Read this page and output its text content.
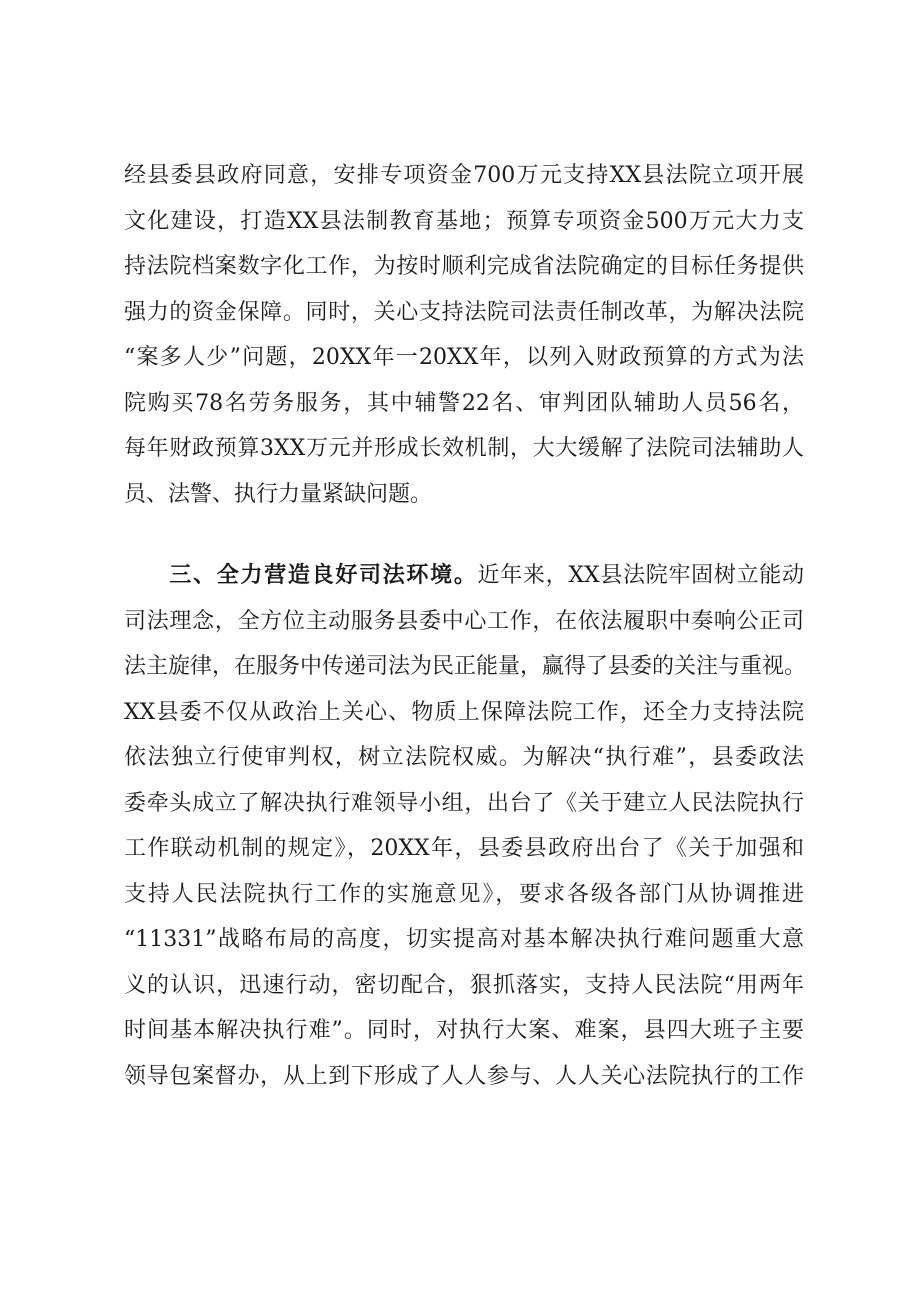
经县委县政府同意，安排专项资金700万元支持XX县法院立项开展
文化建设，打造XX县法制教育基地；预算专项资金500万元大力支
持法院档案数字化工作，为按时顺利完成省法院确定的目标任务提供
强力的资金保障。同时，关心支持法院司法责任制改革，为解决法院
“案多人少”问题，20XX年一20XX年，以列入财政预算的方式为法
院购买78名劳务服务，其中辅警22名、审判团队辅助人员56名，
每年财政预算3XX万元并形成长效机制，大大缓解了法院司法辅助人
员、法警、执行力量紧缺问题。
　　三、全力营造良好司法环境。近年来，XX县法院牢固树立能动
司法理念，全方位主动服务县委中心工作，在依法履职中奏响公正司
法主旋律，在服务中传递司法为民正能量，赢得了县委的关注与重视。
XX县委不仅从政治上关心、物质上保障法院工作，还全力支持法院
依法独立行使审判权，树立法院权威。为解决“执行难”，县委政法
委牵头成立了解决执行难领导小组，出台了《关于建立人民法院执行
工作联动机制的规定》，20XX年，县委县政府出台了《关于加强和
支持人民法院执行工作的实施意见》，要求各级各部门从协调推进
“11331”战略布局的高度，切实提高对基本解决执行难问题重大意
义的认识，迅速行动，密切配合，狠抓落实，支持人民法院“用两年
时间基本解决执行难”。同时，对执行大案、难案，县四大班子主要
领导包案督办，从上到下形成了人人参与、人人关心法院执行的工作
